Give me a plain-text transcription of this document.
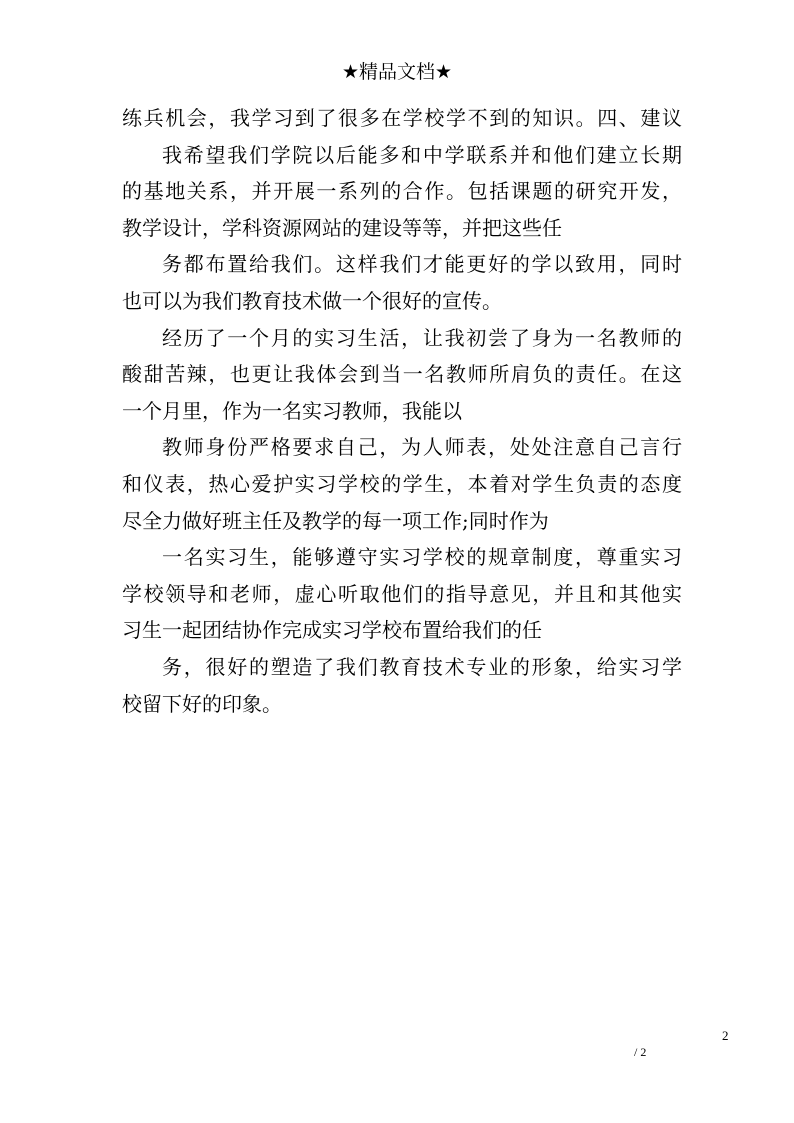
★精品文档★
练兵机会，我学习到了很多在学校学不到的知识。四、建议
我希望我们学院以后能多和中学联系并和他们建立长期
的基地关系，并开展一系列的合作。包括课题的研究开发，
教学设计，学科资源网站的建设等等，并把这些任
务都布置给我们。这样我们才能更好的学以致用，同时
也可以为我们教育技术做一个很好的宣传。
经历了一个月的实习生活，让我初尝了身为一名教师的
酸甜苦辣，也更让我体会到当一名教师所肩负的责任。在这
一个月里，作为一名实习教师，我能以
教师身份严格要求自己，为人师表，处处注意自己言行
和仪表，热心爱护实习学校的学生，本着对学生负责的态度
尽全力做好班主任及教学的每一项工作;同时作为
一名实习生，能够遵守实习学校的规章制度，尊重实习
学校领导和老师，虚心听取他们的指导意见，并且和其他实
习生一起团结协作完成实习学校布置给我们的任
务，很好的塑造了我们教育技术专业的形象，给实习学
校留下好的印象。
2
/ 2
